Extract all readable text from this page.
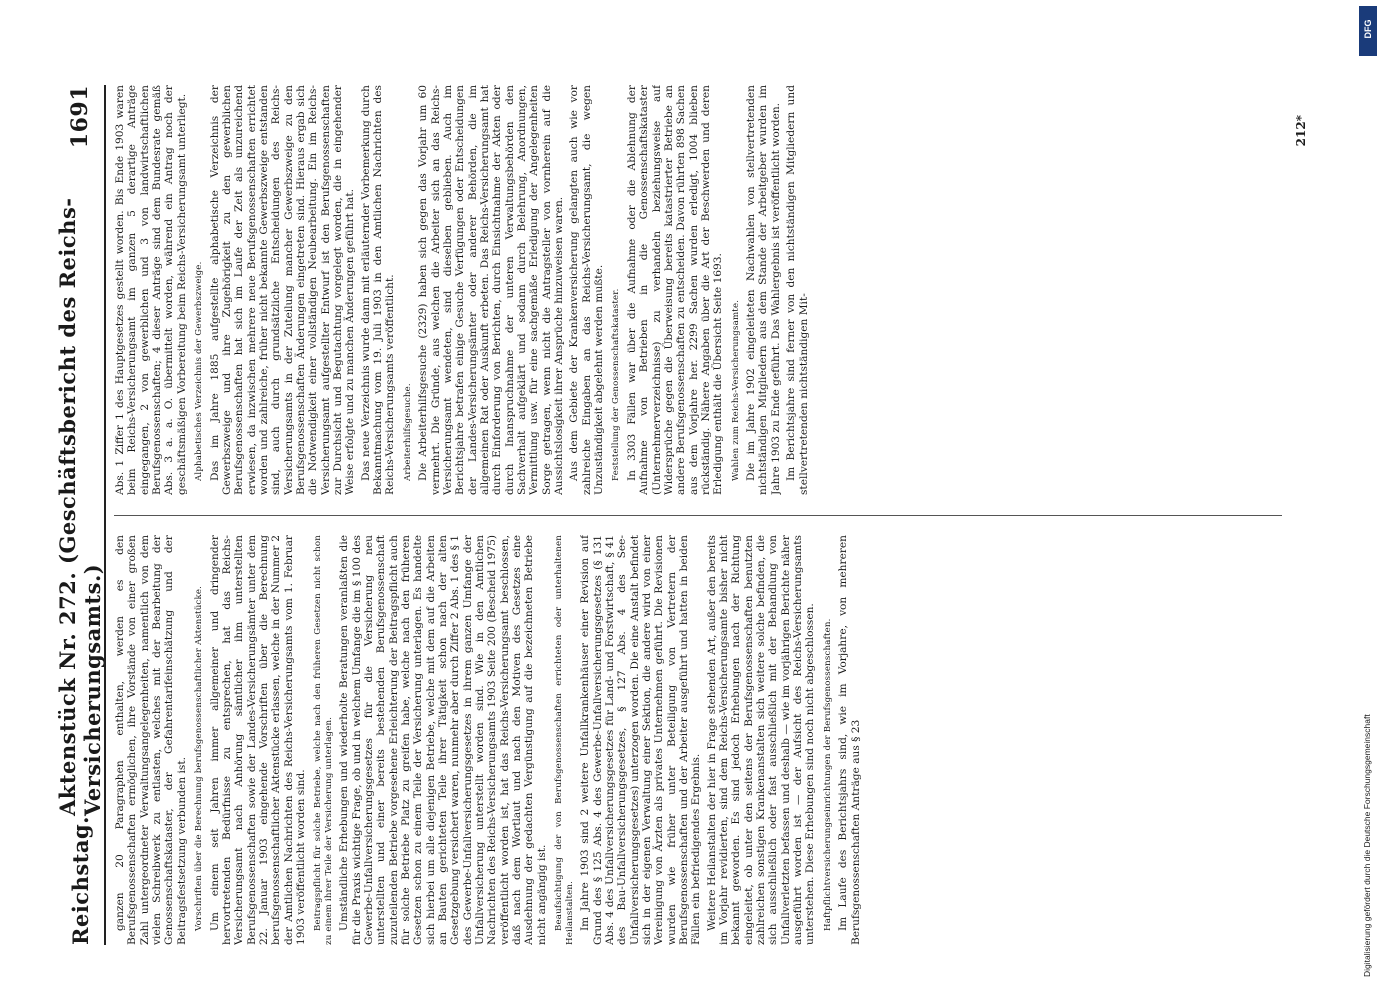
Reichstag.
Aktenstück Nr. 272. (Geschäftsbericht des Reichs-Versicherungsamts.)
1691

ganzen 20 Paragraphen enthalten, werden es den Berufsgenossenschaften ermöglichen, ihre Vorstände von einer großen Zahl untergeordneter Verwaltungsangelegenheiten, namentlich von dem vielen Schreibwerk zu entlasten, welches mit der Bearbeitung der Genossenschaftskataster, der Gefahrentarifeinschätzung und der Beitragsfestsetzung verbunden ist. Vorschriften über die Berechnung berufsgenossenschaftlicher Aktenstücke. Um einem seit Jahren immer allgemeiner und dringender hervortretenden Bedürfnisse zu entsprechen, hat das Reichs-Versicherungsamt nach Anhörung sämtlicher ihm unterstellten Berufsgenossenschaften sowie der Landes-Versicherungsämter unter dem 22. Januar 1903 eingehende Vorschriften über die Berechnung berufsgenossenschaftlicher Aktenstücke erlassen, welche in der Nummer 2 der Amtlichen Nachrichten des Reichs-Versicherungsamts vom 1. Februar 1903 veröffentlicht worden sind. Beitragspflicht für solche Betriebe, welche nach den früheren Gesetzen nicht schon zu einem ihrer Teile der Versicherung unterlagen. Umständliche Erhebungen und wiederholte Beratungen veranlaßten die für die Praxis wichtige Frage, ob und in welchem Umfange die im § 100 des Gewerbe-Unfallversicherungsgesetzes für die Versicherung neu unterstellten und einer bereits bestehenden Berufsgenossenschaft zuzuteilenden Betriebe vorgesehene Erleichterung der Beitragspflicht auch für solche Betriebe Platz zu greifen habe, welche nach den früheren Gesetzen schon zu einem Teile der Versicherung unterlagen. Es handelte sich hierbei um alle diejenigen Betriebe, welche mit dem auf die Arbeiten an Bauten gerichteten Teile ihrer Tätigkeit schon nach der alten Gesetzgebung versichert waren, nunmehr aber durch Ziffer 2 Abs. 1 des § 1 des Gewerbe-Unfallversicherungsgesetzes in ihrem ganzen Umfange der Unfallversicherung unterstellt worden sind. Wie in den Amtlichen Nachrichten des Reichs-Versicherungsamts 1903 Seite 200 (Bescheid 1975) veröffentlicht worden ist, hat das Reichs-Versicherungsamt beschlossen, daß nach dem Wortlaut und nach den Motiven des Gesetzes eine Ausdehnung der gedachten Vergünstigung auf die bezeichneten Betriebe nicht angängig ist. Beaufsichtigung der von Berufsgenossenschaften errichteten oder unterhaltenen Heilanstalten. Im Jahre 1903 sind 2 weitere Unfallkrankenhäuser einer Revision auf Grund des § 125 Abs. 4 des Gewerbe-Unfallversicherungsgesetzes (§ 131 Abs. 4 des Unfallversicherungsgesetzes für Land- und Forstwirtschaft, § 41 des Bau-Unfallversicherungsgesetzes, § 127 Abs. 4 des See-Unfallversicherungsgesetzes) unterzogen worden. Die eine Anstalt befindet sich in der eigenen Verwaltung einer Sektion, die andere wird von einer Vereinigung von Ärzten als privates Unternehmen geführt. Die Revisionen wurden wie früher unter Beteiligung von Vertretern der Berufsgenossenschaften und der Arbeiter ausgeführt und hatten in beiden Fällen ein befriedigendes Ergebnis. Weitere Heilanstalten der hier in Frage stehenden Art, außer den bereits im Vorjahr revidierten, sind dem Reichs-Versicherungsamte bisher nicht bekannt geworden. Es sind jedoch Erhebungen nach der Richtung eingeleitet, ob unter den seitens der Berufsgenossenschaften benutzten zahlreichen sonstigen Krankenanstalten sich weitere solche befinden, die sich ausschließlich oder fast ausschließlich mit der Behandlung von Unfallverletzten befassen und deshalb — wie im vorjährigen Berichte näher ausgeführt worden ist — der Aufsicht des Reichs-Versicherungsamts unterstehen. Diese Erhebungen sind noch nicht abgeschlossen. Haftpflichtversicherungseinrichtungen der Berufsgenossenschaften. Im Laufe des Berichtsjahrs sind, wie im Vorjahre, von mehreren Berufsgenossenschaften Anträge aus § 23

Abs. 1 Ziffer 1 des Hauptgesetzes gestellt worden. Bis Ende 1903 waren beim Reichs-Versicherungsamt im ganzen 5 derartige Anträge eingegangen, 2 von gewerblichen und 3 von landwirtschaftlichen Berufsgenossenschaften; 4 dieser Anträge sind dem Bundesrate gemäß Abs. 3 a. a. O. übermittelt worden, während ein Antrag noch der geschäftsmäßigen Vorbereitung beim Reichs-Versicherungsamt unterliegt. Alphabetisches Verzeichnis der Gewerbszweige. Das im Jahre 1885 aufgestellte alphabetische Verzeichnis der Gewerbszweige und ihre Zugehörigkeit zu den gewerblichen Berufsgenossenschaften hat sich im Laufe der Zeit als unzureichend erwiesen, da inzwischen mehrere neue Berufsgenossenschaften errichtet worden und zahlreiche, früher nicht bekannte Gewerbszweige entstanden sind, auch durch grundsätzliche Entscheidungen des Reichs-Versicherungsamts in der Zuteilung mancher Gewerbszweige zu den Berufsgenossenschaften Änderungen eingetreten sind. Hieraus ergab sich die Notwendigkeit einer vollständigen Neubearbeitung. Ein im Reichs-Versicherungsamt aufgestellter Entwurf ist den Berufsgenossenschaften zur Durchsicht und Begutachtung vorgelegt worden, die in eingehender Weise erfolgte und zu manchen Änderungen geführt hat. Das neue Verzeichnis wurde dann mit erläuternder Vorbemerkung durch Bekanntmachung vom 19. Juli 1903 in den Amtlichen Nachrichten des Reichs-Versicherungsamts veröffentlicht. Arbeiterhilfsgesuche. Die Arbeiterhilfsgesuche (2329) haben sich gegen das Vorjahr um 60 vermehrt. Die Gründe, aus welchen die Arbeiter sich an das Reichs-Versicherungsamt wendeten, sind dieselben geblieben. Auch im Berichtsjahre betrafen einige Gesuche Verfügungen oder Entscheidungen der Landes-Versicherungsämter oder anderer Behörden, die im allgemeinen Rat oder Auskunft erbeten. Das Reichs-Versicherungsamt hat durch Einforderung von Berichten, durch Einsichtnahme der Akten oder durch Inanspruchnahme der unteren Verwaltungsbehörden den Sachverhalt aufgeklärt und sodann durch Belehrung, Anordnungen, Vermittlung usw. für eine sachgemäße Erledigung der Angelegenheiten Sorge getragen, wenn nicht die Antragsteller von vornherein auf die Aussichtslosigkeit ihrer Ansprüche hinzuweisen waren. Aus dem Gebiete der Krankenversicherung gelangten auch wie vor zahlreiche Eingaben an das Reichs-Versicherungsamt, die wegen Unzuständigkeit abgelehnt werden mußte. Feststellung der Genossenschaftskataster. In 3303 Fällen war über die Aufnahme oder die Ablehnung der Aufnahme von Betrieben in die Genossenschaftskataster (Unternehmerverzeichnisse) zu verhandeln beziehungsweise auf Widersprüche gegen die Überweisung bereits katastrierter Betriebe an andere Berufsgenossenschaften zu entscheiden. Davon rührten 898 Sachen aus dem Vorjahre her. 2299 Sachen wurden erledigt, 1004 blieben rückständig. Nähere Angaben über die Art der Beschwerden und deren Erledigung enthält die Übersicht Seite 1693. Wahlen zum Reichs-Versicherungsamte. Die im Jahre 1902 eingeleiteten Nachwahlen von stellvertretenden nichtständigen Mitgliedern aus dem Stande der Arbeitgeber wurden im Jahre 1903 zu Ende geführt. Das Wahlergebnis ist veröffentlicht worden. Im Berichtsjahre sind ferner von den nichtständigen Mitgliedern und stellvertretenden nichtständigen Mit-

212*
Digitalisierung gefördert durch die Deutsche Forschungsgemeinschaft
DFG
